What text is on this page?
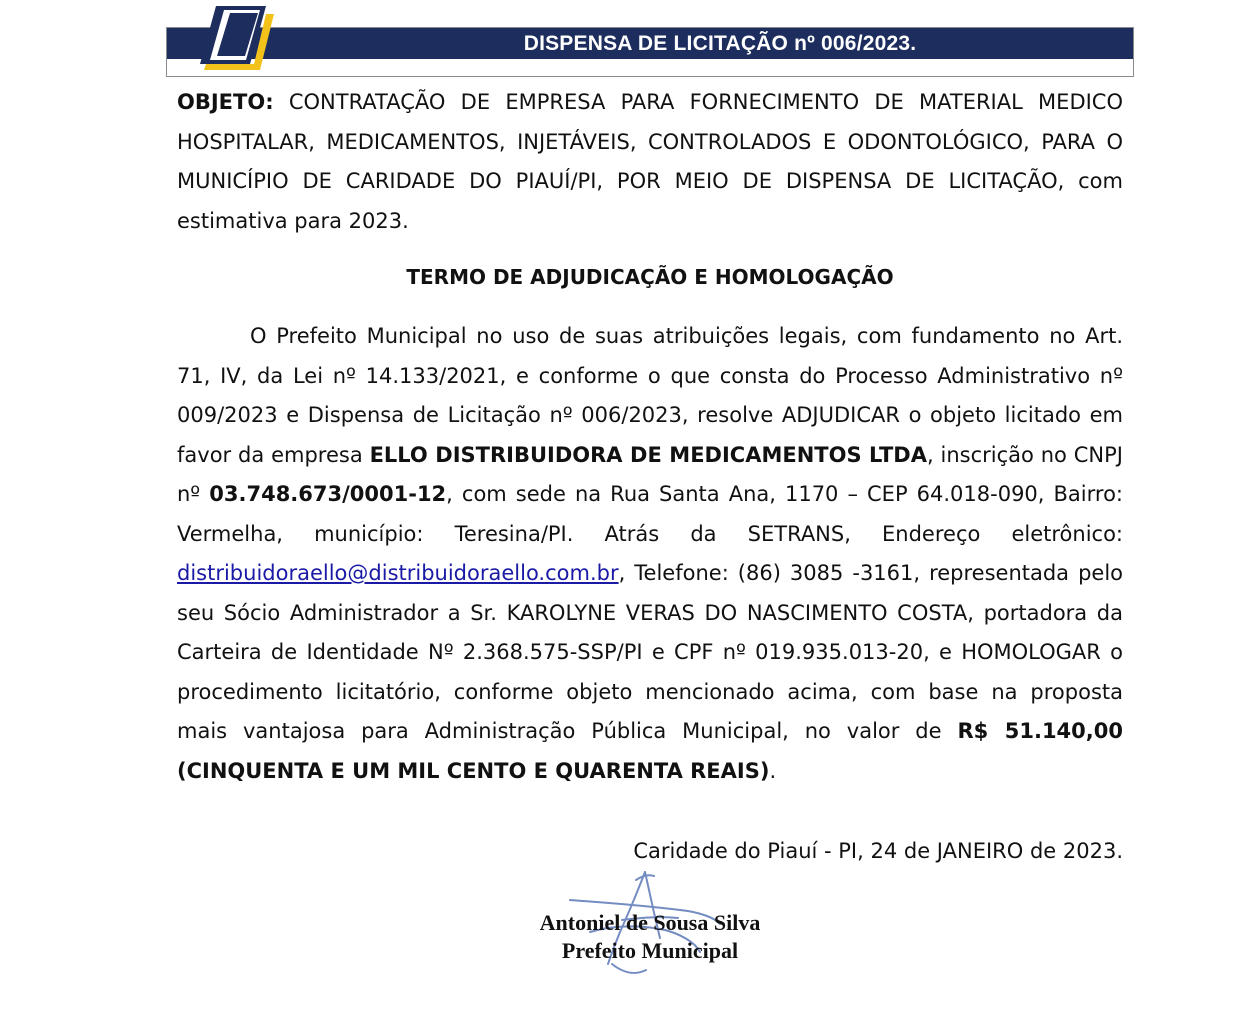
DISPENSA DE LICITAÇÃO nº 006/2023.
OBJETO: CONTRATAÇÃO DE EMPRESA PARA FORNECIMENTO DE MATERIAL MEDICO HOSPITALAR, MEDICAMENTOS, INJETÁVEIS, CONTROLADOS E ODONTOLÓGICO, PARA O MUNICÍPIO DE CARIDADE DO PIAUÍ/PI, POR MEIO DE DISPENSA DE LICITAÇÃO, com estimativa para 2023.
TERMO DE ADJUDICAÇÃO E HOMOLOGAÇÃO
O Prefeito Municipal no uso de suas atribuições legais, com fundamento no Art. 71, IV, da Lei nº 14.133/2021, e conforme o que consta do Processo Administrativo nº 009/2023 e Dispensa de Licitação nº 006/2023, resolve ADJUDICAR o objeto licitado em favor da empresa ELLO DISTRIBUIDORA DE MEDICAMENTOS LTDA, inscrição no CNPJ nº 03.748.673/0001-12, com sede na Rua Santa Ana, 1170 – CEP 64.018-090, Bairro: Vermelha, município: Teresina/PI. Atrás da SETRANS, Endereço eletrônico: distribuidoraello@distribuidoraello.com.br, Telefone: (86) 3085 -3161, representada pelo seu Sócio Administrador a Sr. KAROLYNE VERAS DO NASCIMENTO COSTA, portadora da Carteira de Identidade Nº 2.368.575-SSP/PI e CPF nº 019.935.013-20, e HOMOLOGAR o procedimento licitatório, conforme objeto mencionado acima, com base na proposta mais vantajosa para Administração Pública Municipal, no valor de R$ 51.140,00 (CINQUENTA E UM MIL CENTO E QUARENTA REAIS).
Caridade do Piauí - PI, 24 de JANEIRO de 2023.
Antoniel de Sousa Silva
Prefeito Municipal
